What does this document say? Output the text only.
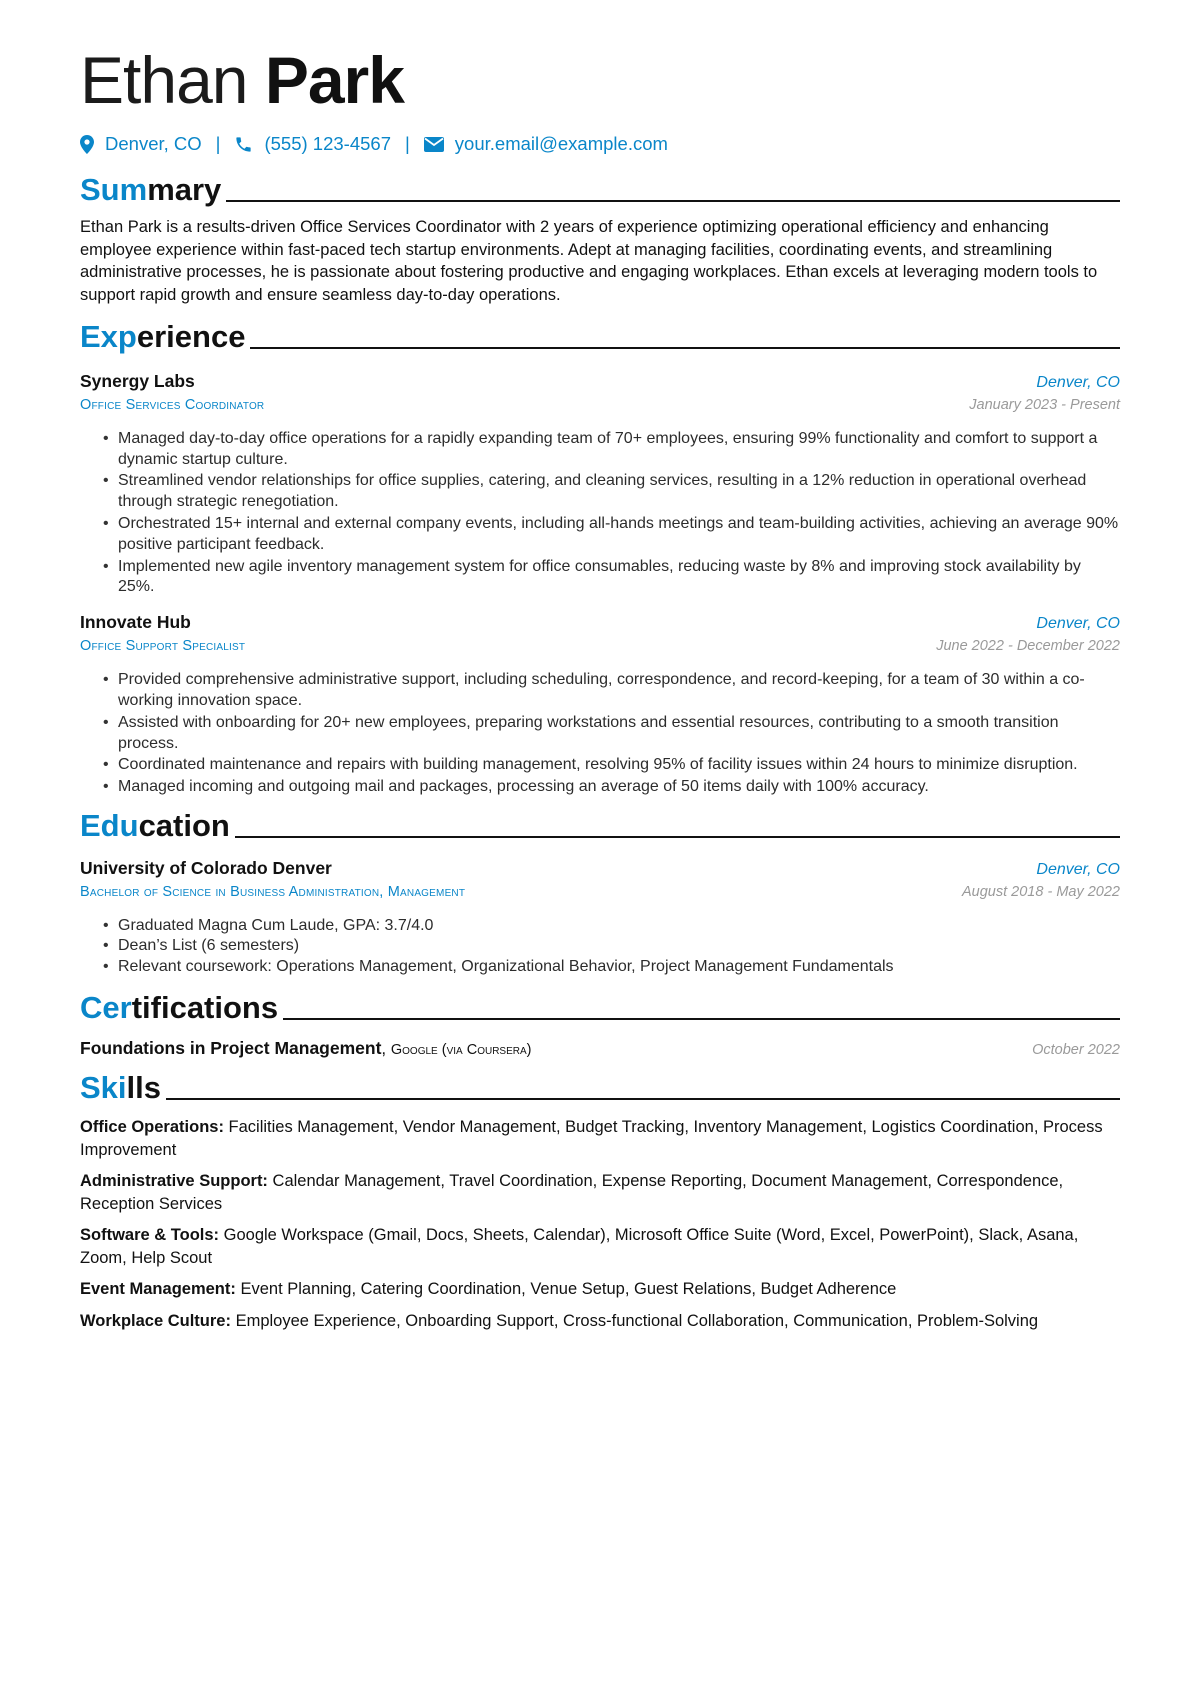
Ethan Park
Denver, CO | (555) 123-4567 | your.email@example.com
Summary

Ethan Park is a results-driven Office Services Coordinator with 2 years of experience optimizing operational efficiency and enhancing employee experience within fast-paced tech startup environments. Adept at managing facilities, coordinating events, and streamlining administrative processes, he is passionate about fostering productive and engaging workplaces. Ethan excels at leveraging modern tools to support rapid growth and ensure seamless day-to-day operations.

Experience
Synergy Labs	Denver, CO
Office Services Coordinator	January 2023 - Present
• Managed day-to-day office operations for a rapidly expanding team of 70+ employees, ensuring 99% functionality and comfort to support a dynamic startup culture.
• Streamlined vendor relationships for office supplies, catering, and cleaning services, resulting in a 12% reduction in operational overhead through strategic renegotiation.
• Orchestrated 15+ internal and external company events, including all-hands meetings and team-building activities, achieving an average 90% positive participant feedback.
• Implemented new agile inventory management system for office consumables, reducing waste by 8% and improving stock availability by 25%.
Innovate Hub	Denver, CO
Office Support Specialist	June 2022 - December 2022
• Provided comprehensive administrative support, including scheduling, correspondence, and record-keeping, for a team of 30 within a co-working innovation space.
• Assisted with onboarding for 20+ new employees, preparing workstations and essential resources, contributing to a smooth transition process.
• Coordinated maintenance and repairs with building management, resolving 95% of facility issues within 24 hours to minimize disruption.
• Managed incoming and outgoing mail and packages, processing an average of 50 items daily with 100% accuracy.
Education
University of Colorado Denver	Denver, CO
Bachelor of Science in Business Administration, Management	August 2018 - May 2022
• Graduated Magna Cum Laude, GPA: 3.7/4.0
• Dean’s List (6 semesters)
• Relevant coursework: Operations Management, Organizational Behavior, Project Management Fundamentals
Certifications
Foundations in Project Management, Google (via Coursera)	October 2022
Skills

Office Operations: Facilities Management, Vendor Management, Budget Tracking, Inventory Management, Logistics Coordination, Process Improvement

Administrative Support: Calendar Management, Travel Coordination, Expense Reporting, Document Management, Correspondence, Reception Services

Software & Tools: Google Workspace (Gmail, Docs, Sheets, Calendar), Microsoft Office Suite (Word, Excel, PowerPoint), Slack, Asana, Zoom, Help Scout

Event Management: Event Planning, Catering Coordination, Venue Setup, Guest Relations, Budget Adherence

Workplace Culture: Employee Experience, Onboarding Support, Cross-functional Collaboration, Communication, Problem-Solving
